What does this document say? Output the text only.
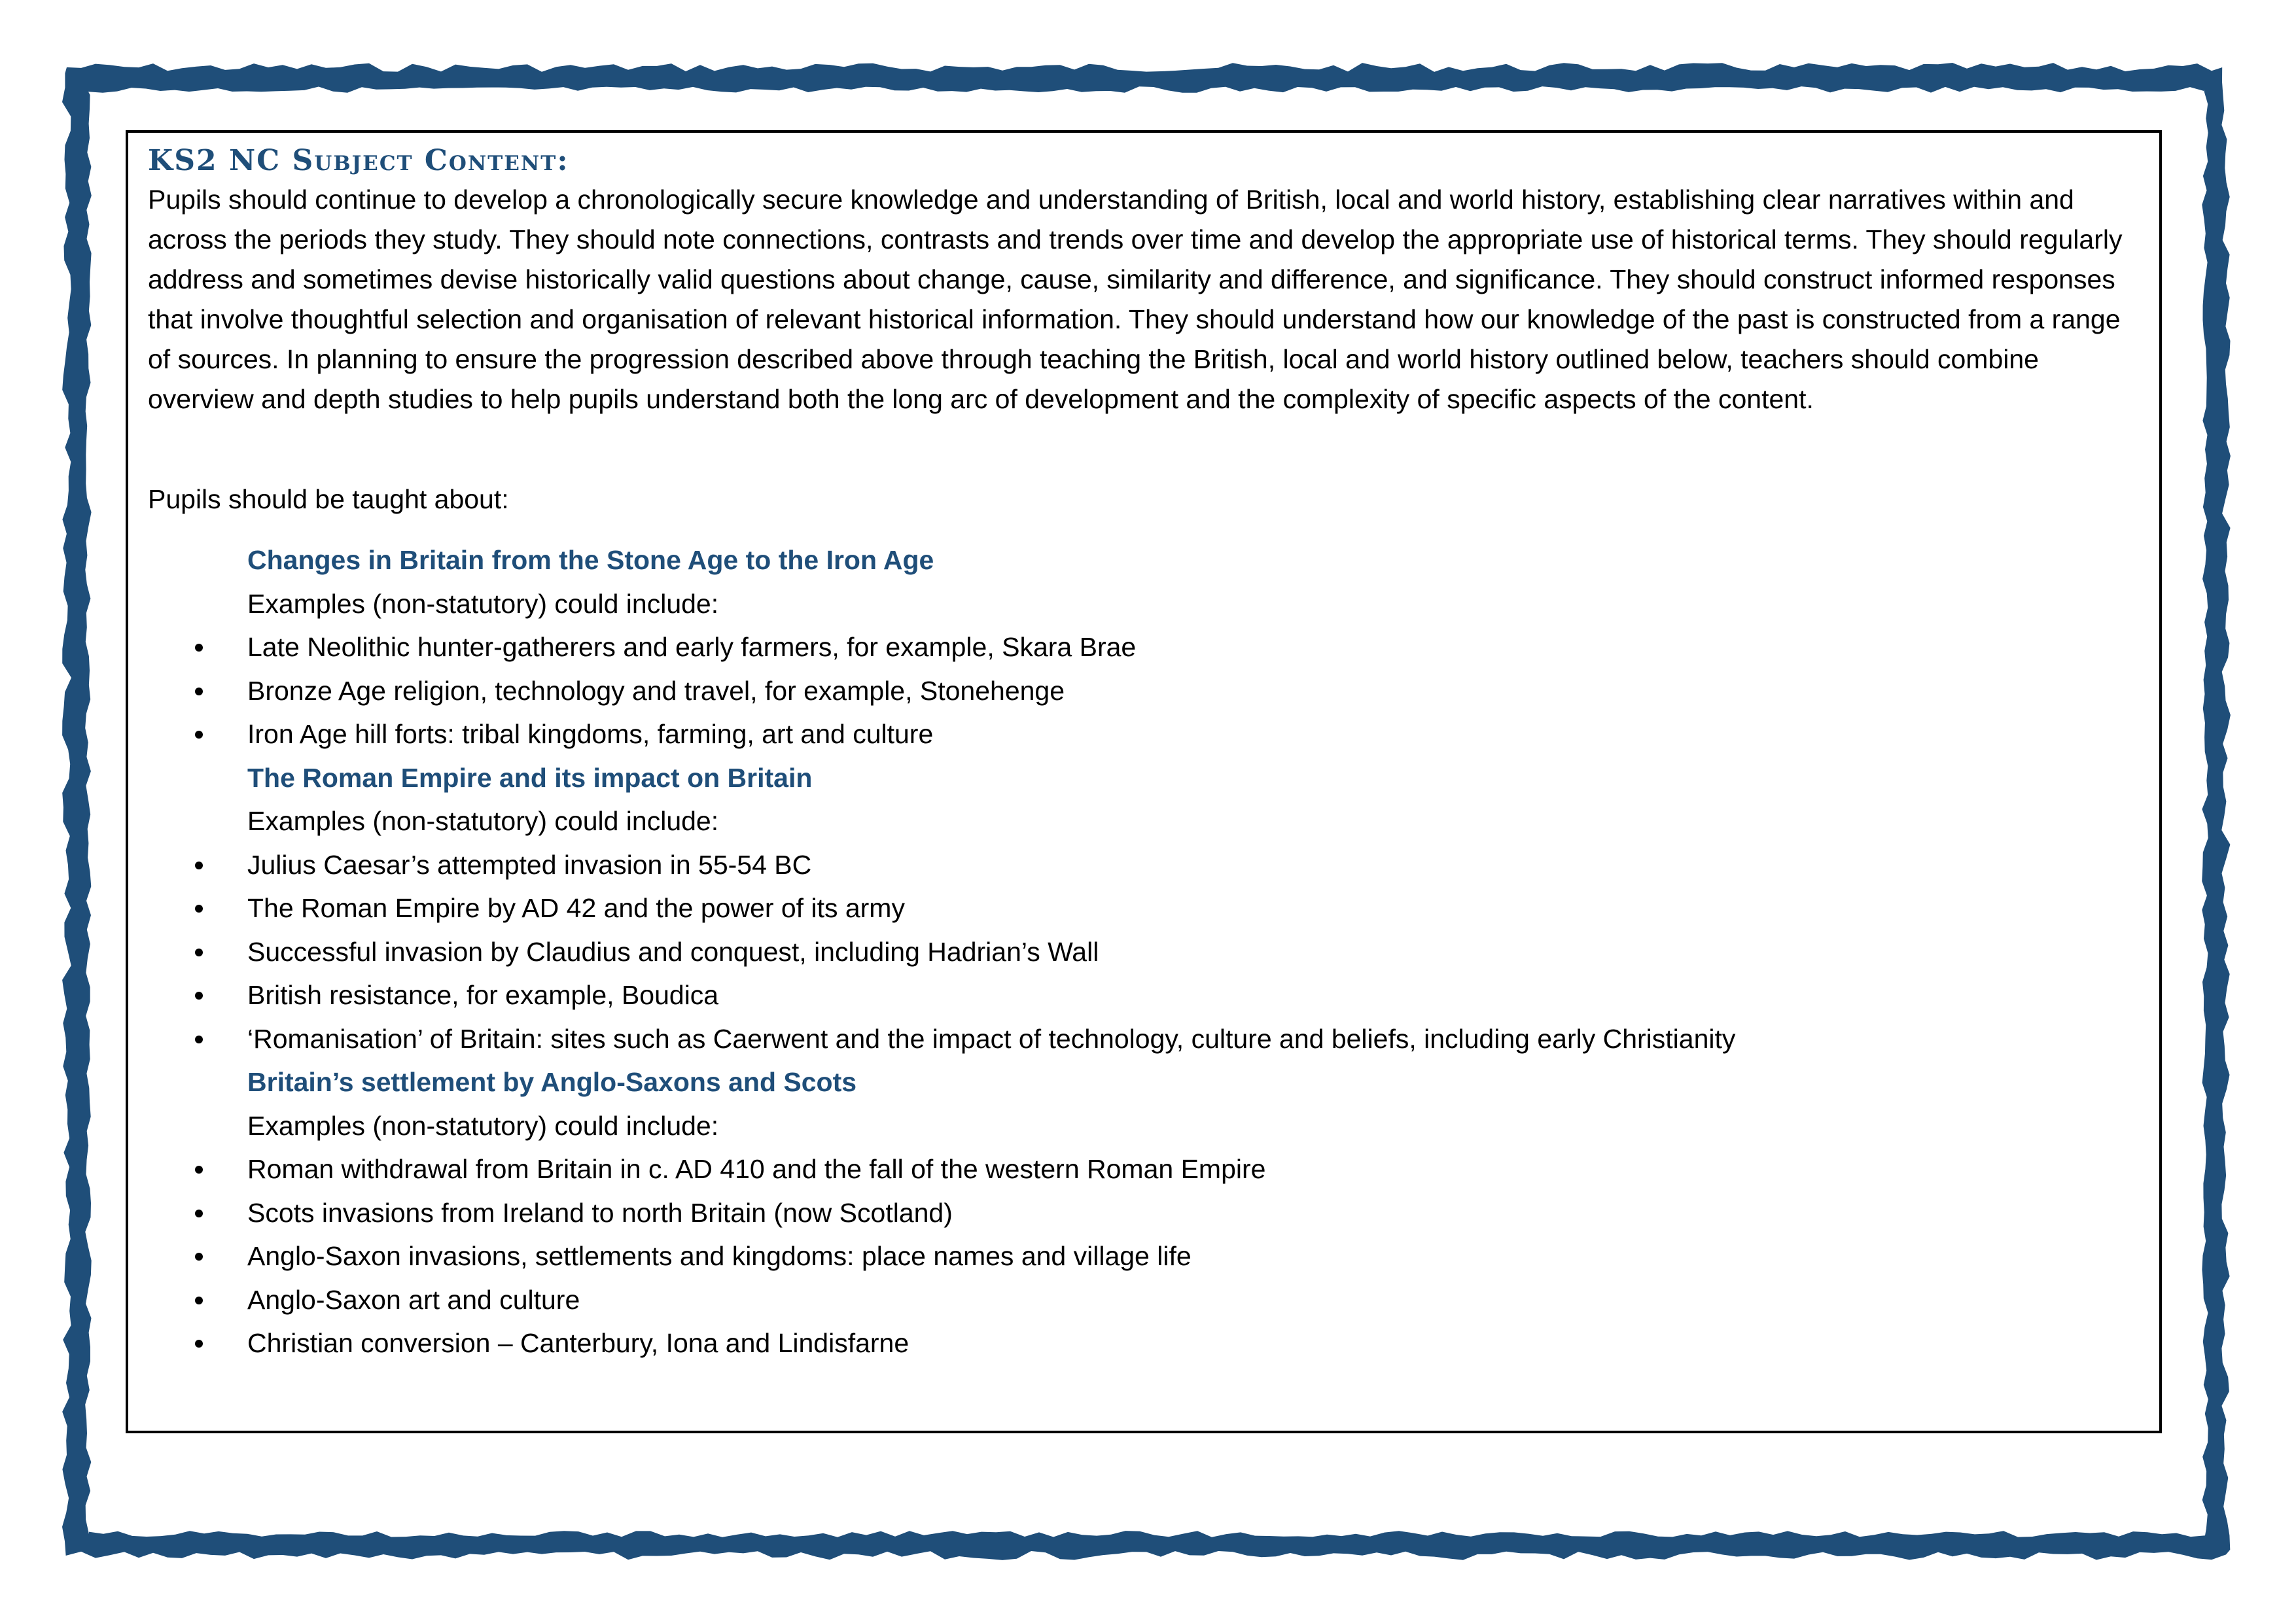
KS2 NC Subject Content:

Pupils should continue to develop a chronologically secure knowledge and understanding of British, local and world history, establishing clear narratives within and across the periods they study. They should note connections, contrasts and trends over time and develop the appropriate use of historical terms. They should regularly address and sometimes devise historically valid questions about change, cause, similarity and difference, and significance. They should construct informed responses that involve thoughtful selection and organisation of relevant historical information. They should understand how our knowledge of the past is constructed from a range of sources. In planning to ensure the progression described above through teaching the British, local and world history outlined below, teachers should combine overview and depth studies to help pupils understand both the long arc of development and the complexity of specific aspects of the content.

Pupils should be taught about:

Changes in Britain from the Stone Age to the Iron Age
Examples (non-statutory) could include:
Late Neolithic hunter-gatherers and early farmers, for example, Skara Brae
Bronze Age religion, technology and travel, for example, Stonehenge
Iron Age hill forts: tribal kingdoms, farming, art and culture
The Roman Empire and its impact on Britain
Examples (non-statutory) could include:
Julius Caesar’s attempted invasion in 55-54 BC
The Roman Empire by AD 42 and the power of its army
Successful invasion by Claudius and conquest, including Hadrian’s Wall
British resistance, for example, Boudica
‘Romanisation’ of Britain: sites such as Caerwent and the impact of technology, culture and beliefs, including early Christianity
Britain’s settlement by Anglo-Saxons and Scots
Examples (non-statutory) could include:
Roman withdrawal from Britain in c. AD 410 and the fall of the western Roman Empire
Scots invasions from Ireland to north Britain (now Scotland)
Anglo-Saxon invasions, settlements and kingdoms: place names and village life
Anglo-Saxon art and culture
Christian conversion – Canterbury, Iona and Lindisfarne
